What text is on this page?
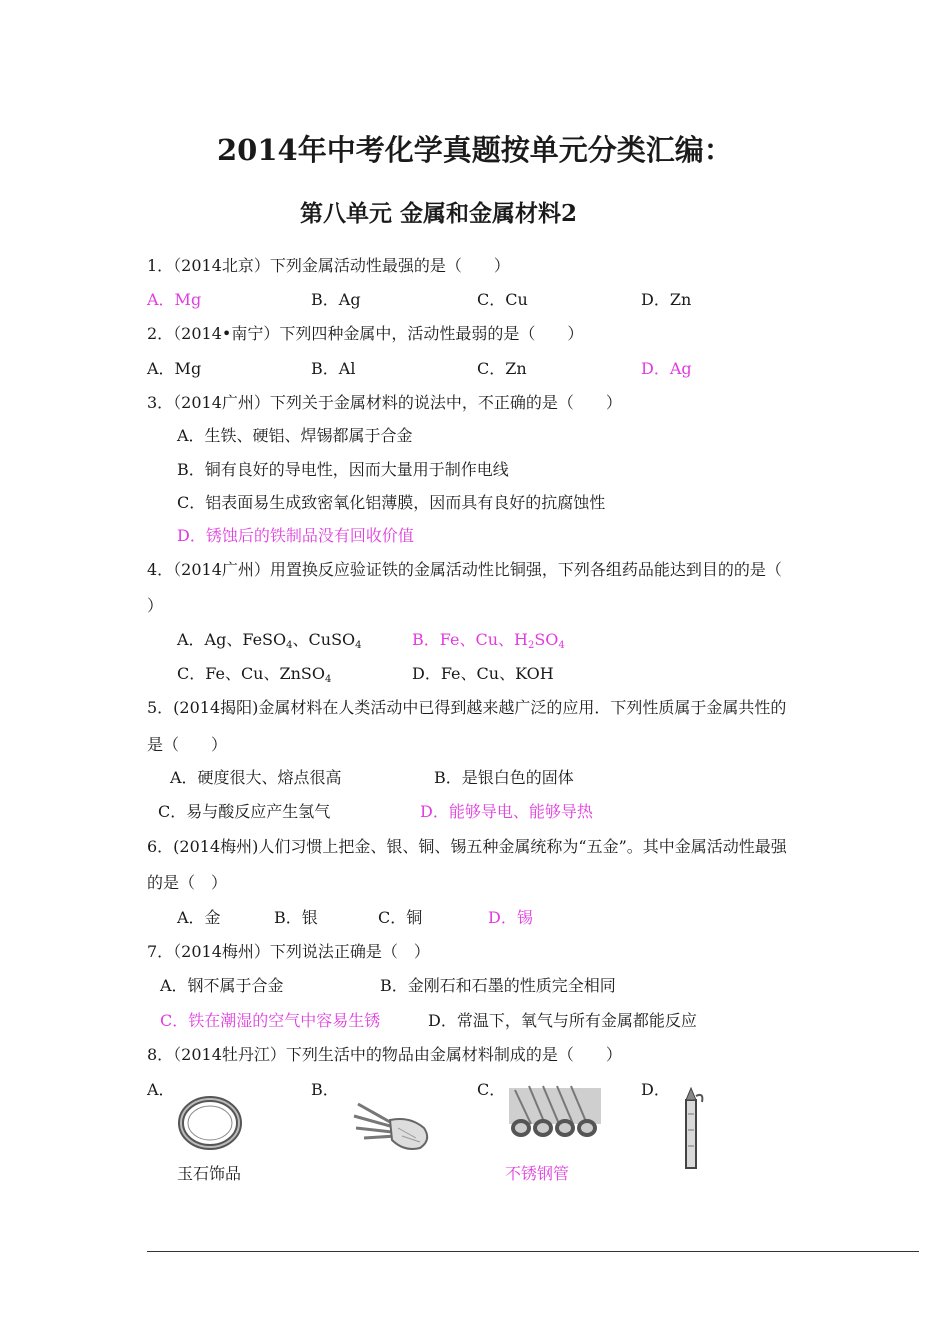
2014年中考化学真题按单元分类汇编：
第八单元 金属和金属材料2
1．（2014北京）下列金属活动性最强的是（　　）
A．Mg	B．Ag	C．Cu	D．Zn
2．（2014•南宁）下列四种金属中，活动性最弱的是（　　）
A．Mg	B．Al	C．Zn	D．Ag
3．（2014广州）下列关于金属材料的说法中，不正确的是（　　）
A．生铁、硬铝、焊锡都属于合金
B．铜有良好的导电性，因而大量用于制作电线
C．铝表面易生成致密氧化铝薄膜，因而具有良好的抗腐蚀性
D．锈蚀后的铁制品没有回收价值
4．（2014广州）用置换反应验证铁的金属活动性比铜强，下列各组药品能达到目的的是（
）
A．Ag、FeSO$_4$、CuSO$_4$	B．Fe、Cu、$H_2SO_4$
C．Fe、Cu、ZnSO$_4$	D．Fe、Cu、KOH
5．(2014揭阳)金属材料在人类活动中已得到越来越广泛的应用．下列性质属于金属共性的
是（　　）
A．硬度很大、熔点很高	B．是银白色的固体
C．易与酸反应产生氢气	D．能够导电、能够导热
6．(2014梅州)人们习惯上把金、银、铜、锡五种金属统称为“五金”。其中金属活动性最强
的是（　）
A．金	B．银	C．铜	D．锡
7．（2014梅州）下列说法正确是（　）
A．钢不属于合金	B．金刚石和石墨的性质完全相同
C．铁在潮湿的空气中容易生锈	D．常温下，氧气与所有金属都能反应
8．（2014牡丹江）下列生活中的物品由金属材料制成的是（　　）
A．	B．	C．	D．
玉石饰品	不锈钢管
